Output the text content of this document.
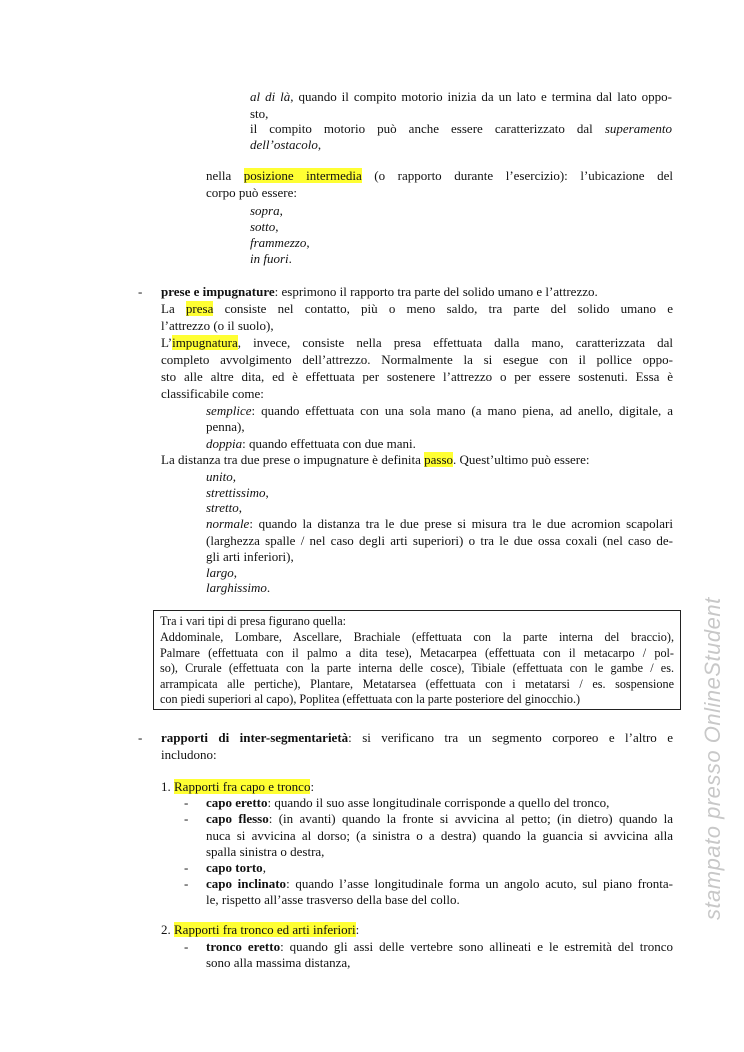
al di là, quando il compito motorio inizia da un lato e termina dal lato oppo-
sto,
il compito motorio può anche essere caratterizzato dal superamento
dell’ostacolo,
nella posizione intermedia (o rapporto durante l’esercizio): l’ubicazione del
corpo può essere:
sopra,
sotto,
frammezzo,
in fuori.
- prese e impugnature: esprimono il rapporto tra parte del solido umano e l’attrezzo.
La presa consiste nel contatto, più o meno saldo, tra parte del solido umano e
l’attrezzo (o il suolo),
L’impugnatura, invece, consiste nella presa effettuata dalla mano, caratterizzata dal
completo avvolgimento dell’attrezzo. Normalmente la si esegue con il pollice oppo-
sto alle altre dita, ed è effettuata per sostenere l’attrezzo o per essere sostenuti. Essa è
classificabile come:
semplice: quando effettuata con una sola mano (a mano piena, ad anello, digitale, a
penna),
doppia: quando effettuata con due mani.
La distanza tra due prese o impugnature è definita passo. Quest’ultimo può essere:
unito,
strettissimo,
stretto,
normale: quando la distanza tra le due prese si misura tra le due acromion scapolari
(larghezza spalle / nel caso degli arti superiori) o tra le due ossa coxali (nel caso de-
gli arti inferiori),
largo,
larghissimo.
Tra i vari tipi di presa figurano quella:
Addominale, Lombare, Ascellare, Brachiale (effettuata con la parte interna del braccio),
Palmare (effettuata con il palmo a dita tese), Metacarpea (effettuata con il metacarpo / pol-
so), Crurale (effettuata con la parte interna delle cosce), Tibiale (effettuata con le gambe / es.
arrampicata alle pertiche), Plantare, Metatarsea (effettuata con i metatarsi / es. sospensione
con piedi superiori al capo), Poplitea (effettuata con la parte posteriore del ginocchio.)
- rapporti di inter-segmentarietà: si verificano tra un segmento corporeo e l’altro e
includono:
1. Rapporti fra capo e tronco:
- capo eretto: quando il suo asse longitudinale corrisponde a quello del tronco,
- capo flesso: (in avanti) quando la fronte si avvicina al petto; (in dietro) quando la
nuca si avvicina al dorso; (a sinistra o a destra) quando la guancia si avvicina alla
spalla sinistra o destra,
- capo torto,
- capo inclinato: quando l’asse longitudinale forma un angolo acuto, sul piano fronta-
le, rispetto all’asse trasverso della base del collo.
2. Rapporti fra tronco ed arti inferiori:
- tronco eretto: quando gli assi delle vertebre sono allineati e le estremità del tronco
sono alla massima distanza,
stampato presso OnlineStudent
